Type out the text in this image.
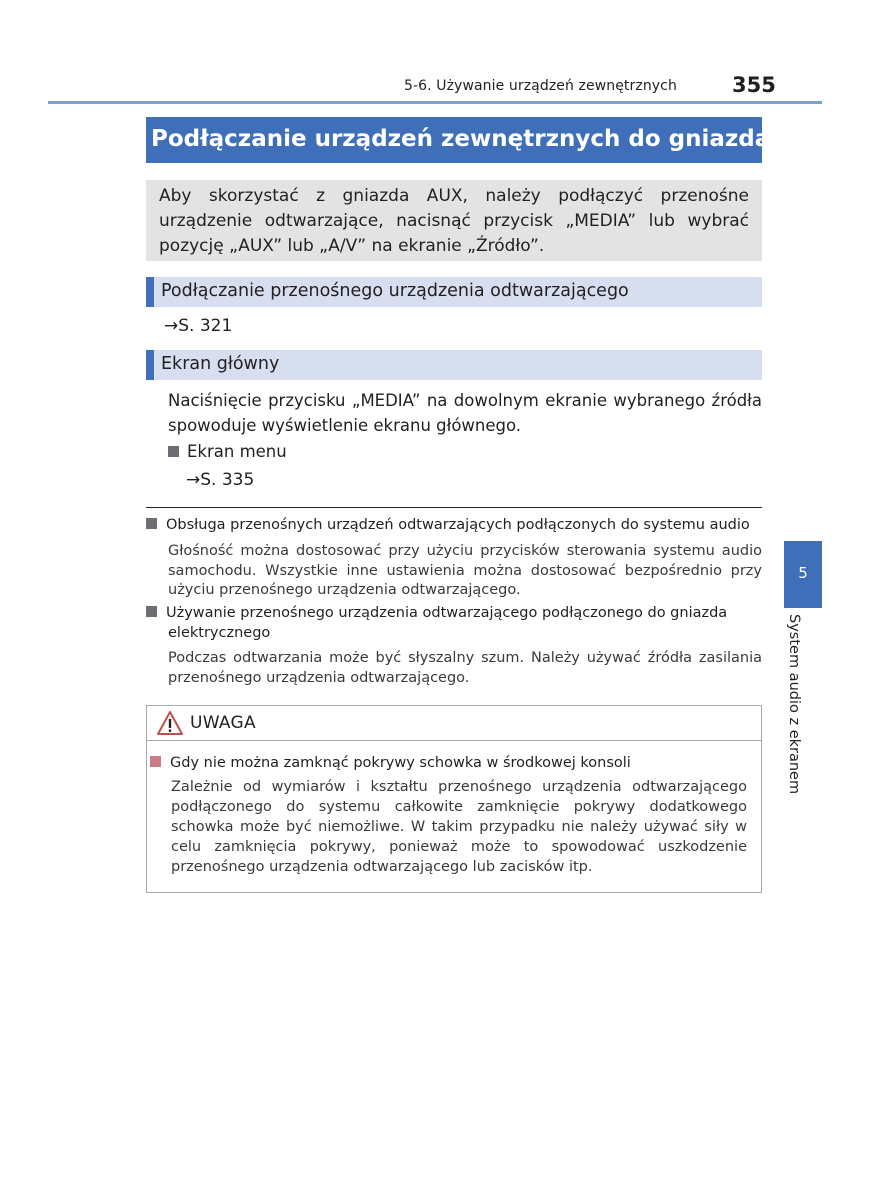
5-6. Używanie urządzeń zewnętrznych	355
Podłączanie urządzeń zewnętrznych do gniazda AUX
Aby skorzystać z gniazda AUX, należy podłączyć przenośne urządzenie odtwarzające, nacisnąć przycisk „MEDIA” lub wybrać pozycję „AUX” lub „A/V” na ekranie „Źródło”.
Podłączanie przenośnego urządzenia odtwarzającego
→S. 321
Ekran główny
Naciśnięcie przycisku „MEDIA” na dowolnym ekranie wybranego źródła spowoduje wyświetlenie ekranu głównego.
Ekran menu
→S. 335
Obsługa przenośnych urządzeń odtwarzających podłączonych do systemu audio
Głośność można dostosować przy użyciu przycisków sterowania systemu audio samochodu. Wszystkie inne ustawienia można dostosować bezpośrednio przy użyciu przenośnego urządzenia odtwarzającego.
Używanie przenośnego urządzenia odtwarzającego podłączonego do gniazda
elektrycznego
Podczas odtwarzania może być słyszalny szum. Należy używać źródła zasilania przenośnego urządzenia odtwarzającego.
UWAGA
Gdy nie można zamknąć pokrywy schowka w środkowej konsoli
Zależnie od wymiarów i kształtu przenośnego urządzenia odtwarzającego podłączonego do systemu całkowite zamknięcie pokrywy dodatkowego schowka może być niemożliwe. W takim przypadku nie należy używać siły w celu zamknięcia pokrywy, ponieważ może to spowodować uszkodzenie przenośnego urządzenia odtwarzającego lub zacisków itp.
5
System audio z ekranem
